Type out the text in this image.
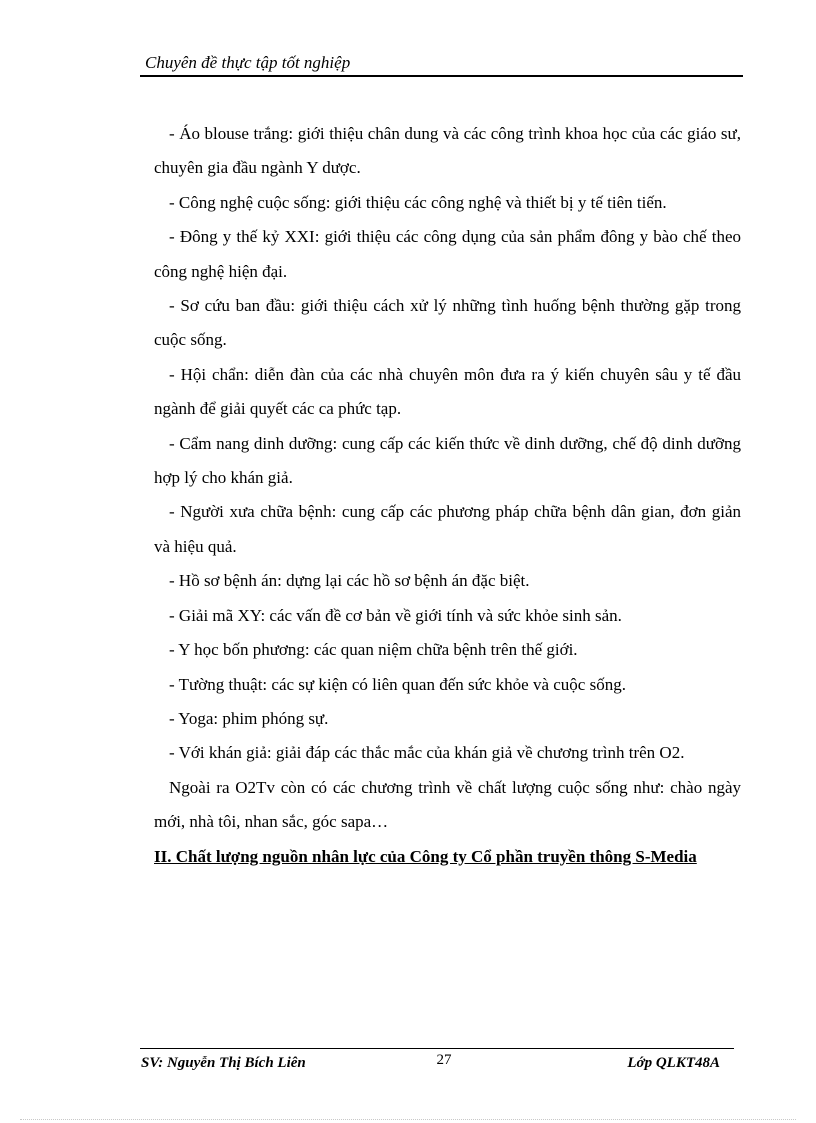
Chuyên đề thực tập tốt nghiệp

- Áo blouse trắng: giới thiệu chân dung và các công trình khoa học của các giáo sư, chuyên gia đầu ngành Y dược.

- Công nghệ cuộc sống: giới thiệu các công nghệ và thiết bị y tế tiên tiến.

- Đông y thế kỷ XXI: giới thiệu các công dụng của sản phẩm đông y bào chế theo công nghệ hiện đại.

- Sơ cứu ban đầu: giới thiệu cách xử lý những tình huống bệnh thường gặp trong cuộc sống.

- Hội chẩn: diễn đàn của các nhà chuyên môn đưa ra ý kiến chuyên sâu y tế đầu ngành để giải quyết các ca phức tạp.

- Cẩm nang dinh dưỡng: cung cấp các kiến thức về dinh dưỡng, chế độ dinh dưỡng hợp lý cho khán giả.

- Người xưa chữa bệnh: cung cấp các phương pháp chữa bệnh dân gian, đơn giản và hiệu quả.

- Hồ sơ bệnh án: dựng lại các hồ sơ bệnh án đặc biệt.

- Giải mã XY: các vấn đề cơ bản về giới tính và sức khỏe sinh sản.

- Y học bốn phương: các quan niệm chữa bệnh trên thế giới.

- Tường thuật: các sự kiện có liên quan đến sức khỏe và cuộc sống.

- Yoga: phim phóng sự.

- Với khán giả: giải đáp các thắc mắc của khán giả về chương trình trên O2.

Ngoài ra O2Tv còn có các chương trình về chất lượng cuộc sống như: chào ngày mới, nhà tôi, nhan sắc, góc sapa…

II. Chất lượng nguồn nhân lực của Công ty Cổ phần truyền thông S-Media

SV: Nguyễn Thị Bích Liên	27	Lớp QLKT48A
